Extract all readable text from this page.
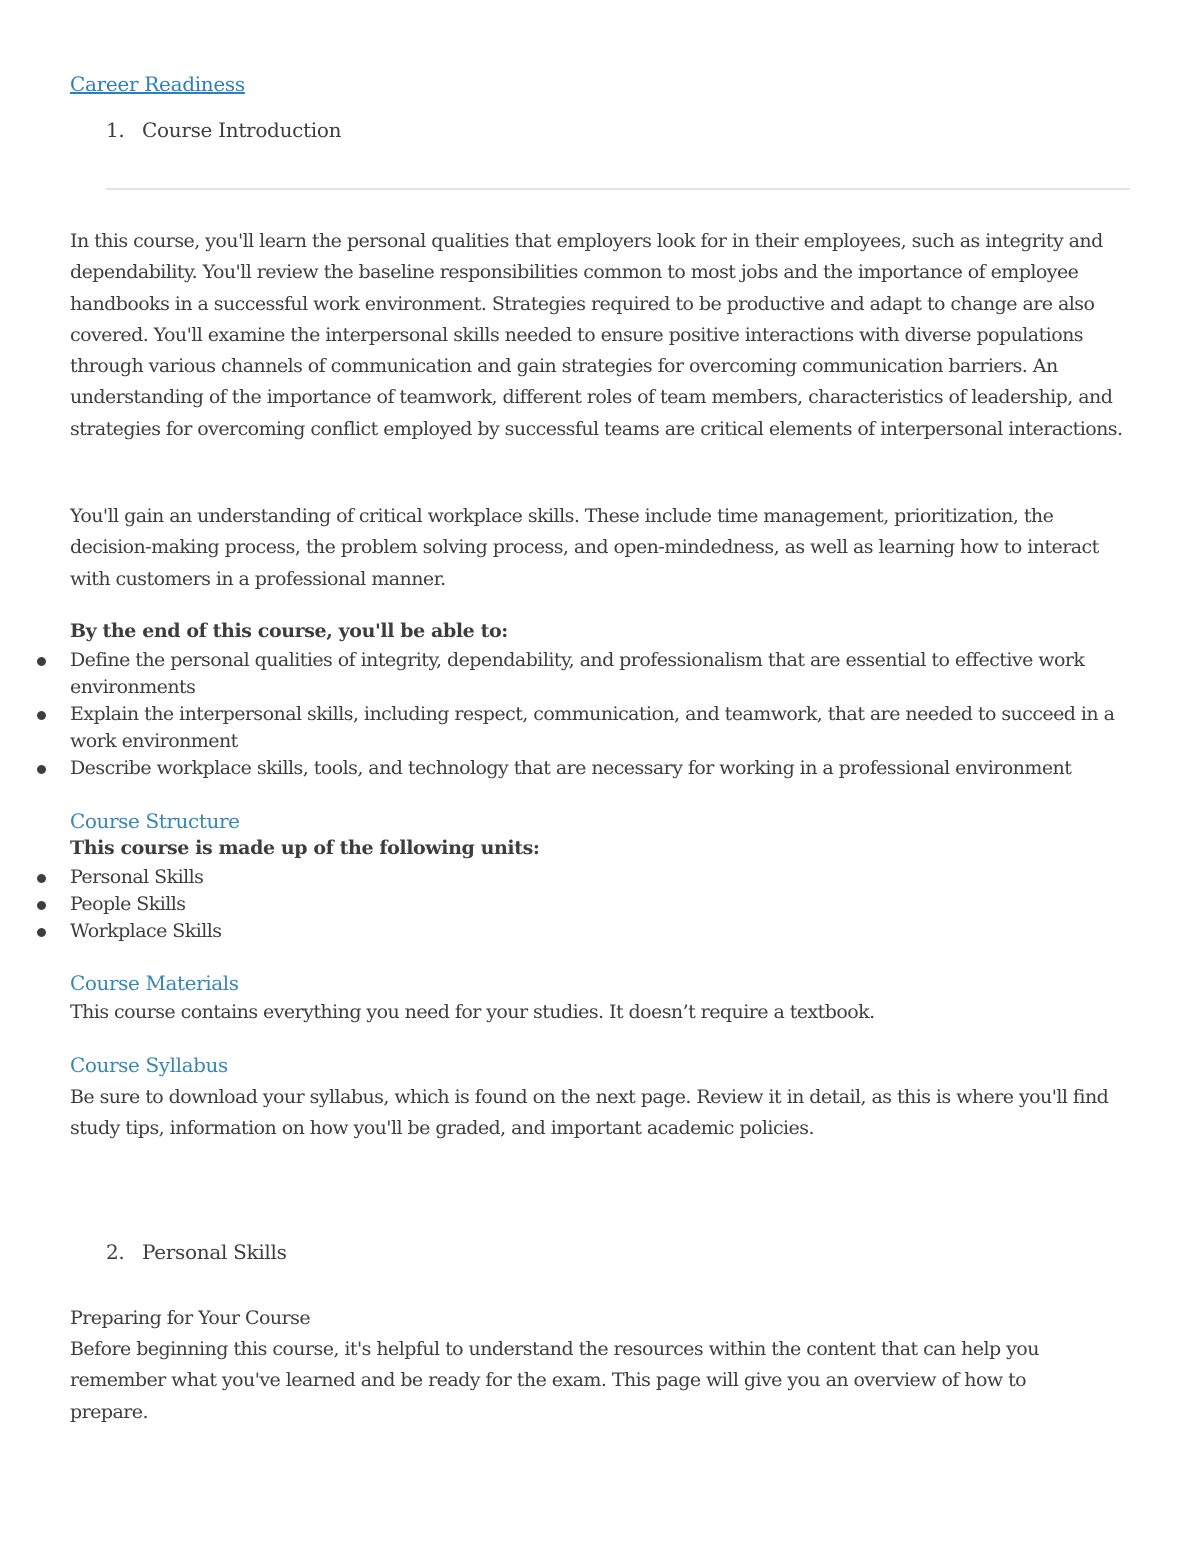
Career Readiness
1. Course Introduction

In this course, you'll learn the personal qualities that employers look for in their employees, such as integrity and dependability. You'll review the baseline responsibilities common to most jobs and the importance of employee handbooks in a successful work environment. Strategies required to be productive and adapt to change are also covered. You'll examine the interpersonal skills needed to ensure positive interactions with diverse populations through various channels of communication and gain strategies for overcoming communication barriers. An understanding of the importance of teamwork, different roles of team members, characteristics of leadership, and strategies for overcoming conflict employed by successful teams are critical elements of interpersonal interactions.

You'll gain an understanding of critical workplace skills. These include time management, prioritization, the decision-making process, the problem solving process, and open-mindedness, as well as learning how to interact with customers in a professional manner.

By the end of this course, you'll be able to:
Define the personal qualities of integrity, dependability, and professionalism that are essential to effective work environments
Explain the interpersonal skills, including respect, communication, and teamwork, that are needed to succeed in a work environment
Describe workplace skills, tools, and technology that are necessary for working in a professional environment
Course Structure
This course is made up of the following units:
Personal Skills
People Skills
Workplace Skills
Course Materials
This course contains everything you need for your studies. It doesn’t require a textbook.
Course Syllabus

Be sure to download your syllabus, which is found on the next page. Review it in detail, as this is where you'll find study tips, information on how you'll be graded, and important academic policies.

2. Personal Skills
Preparing for Your Course

Before beginning this course, it's helpful to understand the resources within the content that can help you remember what you've learned and be ready for the exam. This page will give you an overview of how to prepare.
